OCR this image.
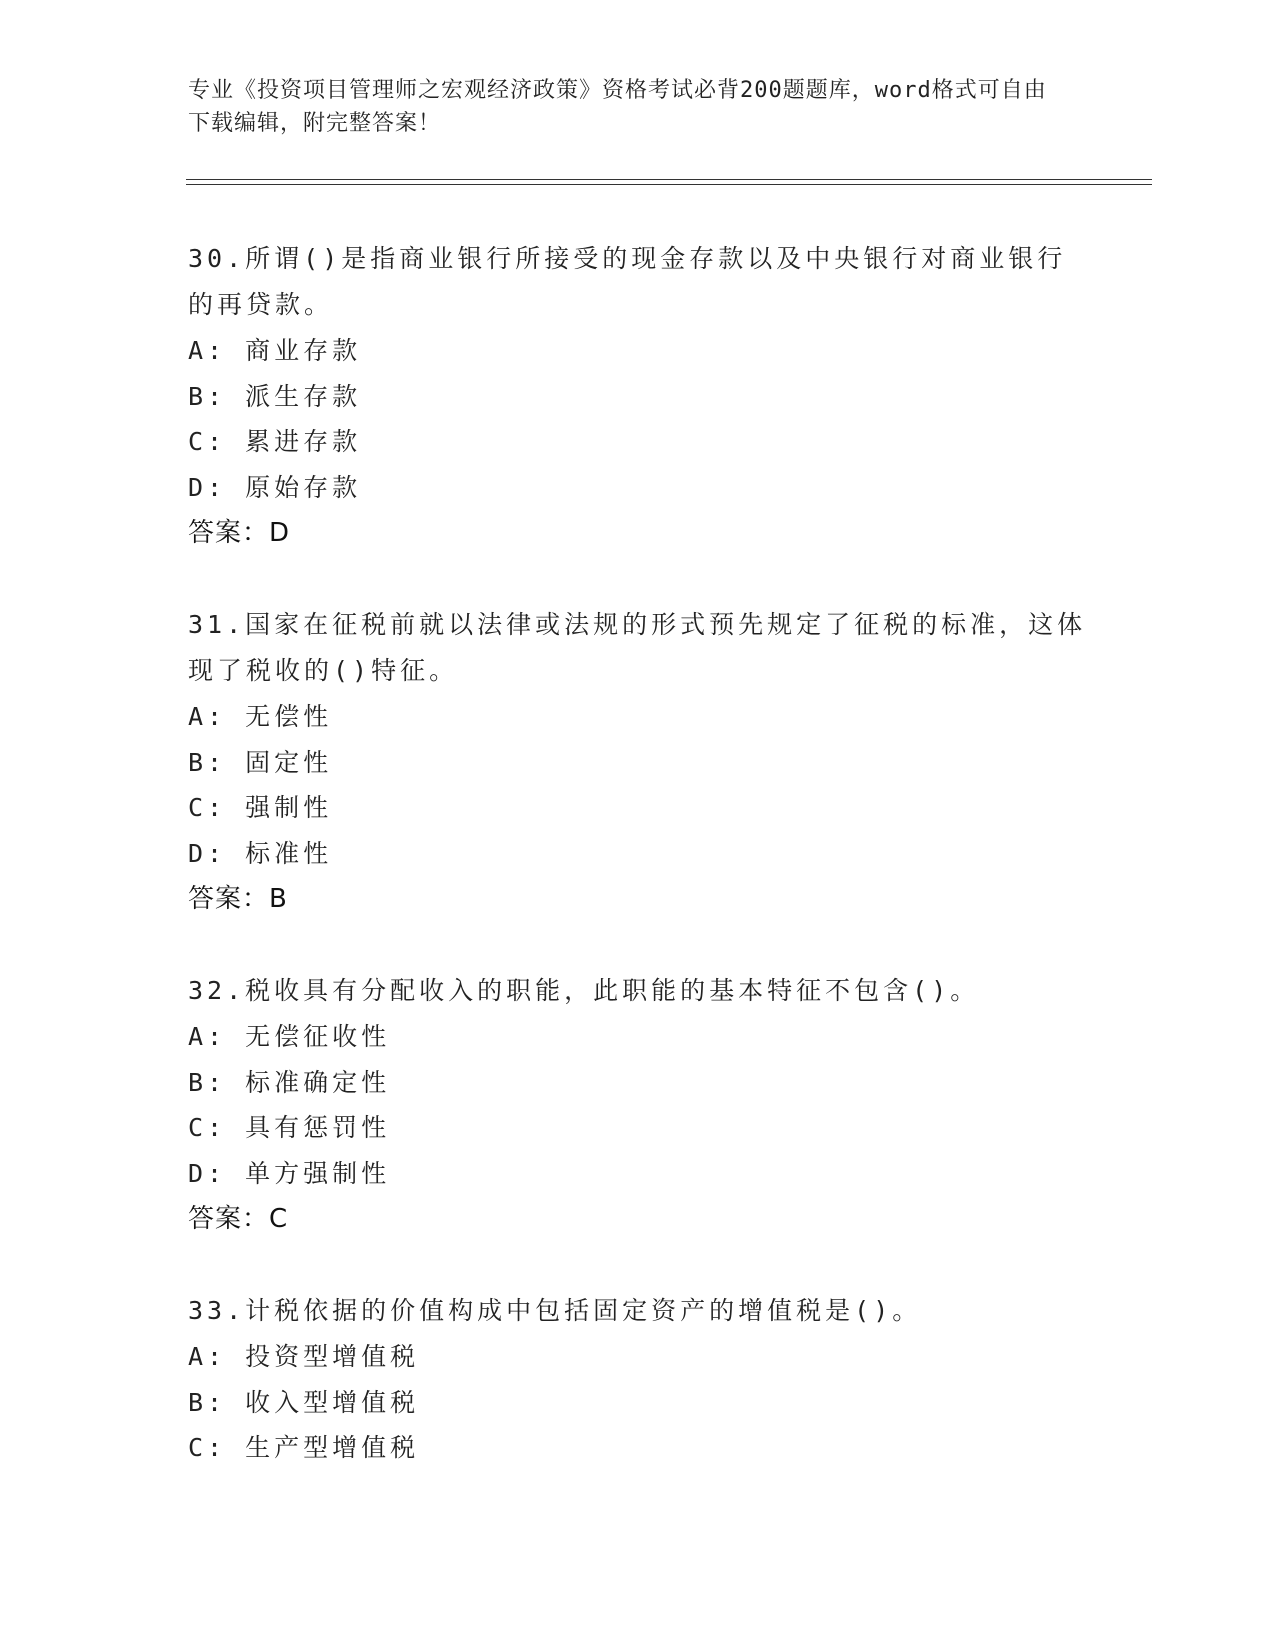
专业《投资项目管理师之宏观经济政策》资格考试必背200题题库，word格式可自由下载编辑，附完整答案！

30.所谓()是指商业银行所接受的现金存款以及中央银行对商业银行的再贷款。

A: 商业存款

B: 派生存款

C: 累进存款

D: 原始存款

答案：D

31.国家在征税前就以法律或法规的形式预先规定了征税的标准，这体现了税收的()特征。

A: 无偿性

B: 固定性

C: 强制性

D: 标准性

答案：B

32.税收具有分配收入的职能，此职能的基本特征不包含()。

A: 无偿征收性

B: 标准确定性

C: 具有惩罚性

D: 单方强制性

答案：C

33.计税依据的价值构成中包括固定资产的增值税是()。

A: 投资型增值税

B: 收入型增值税

C: 生产型增值税
